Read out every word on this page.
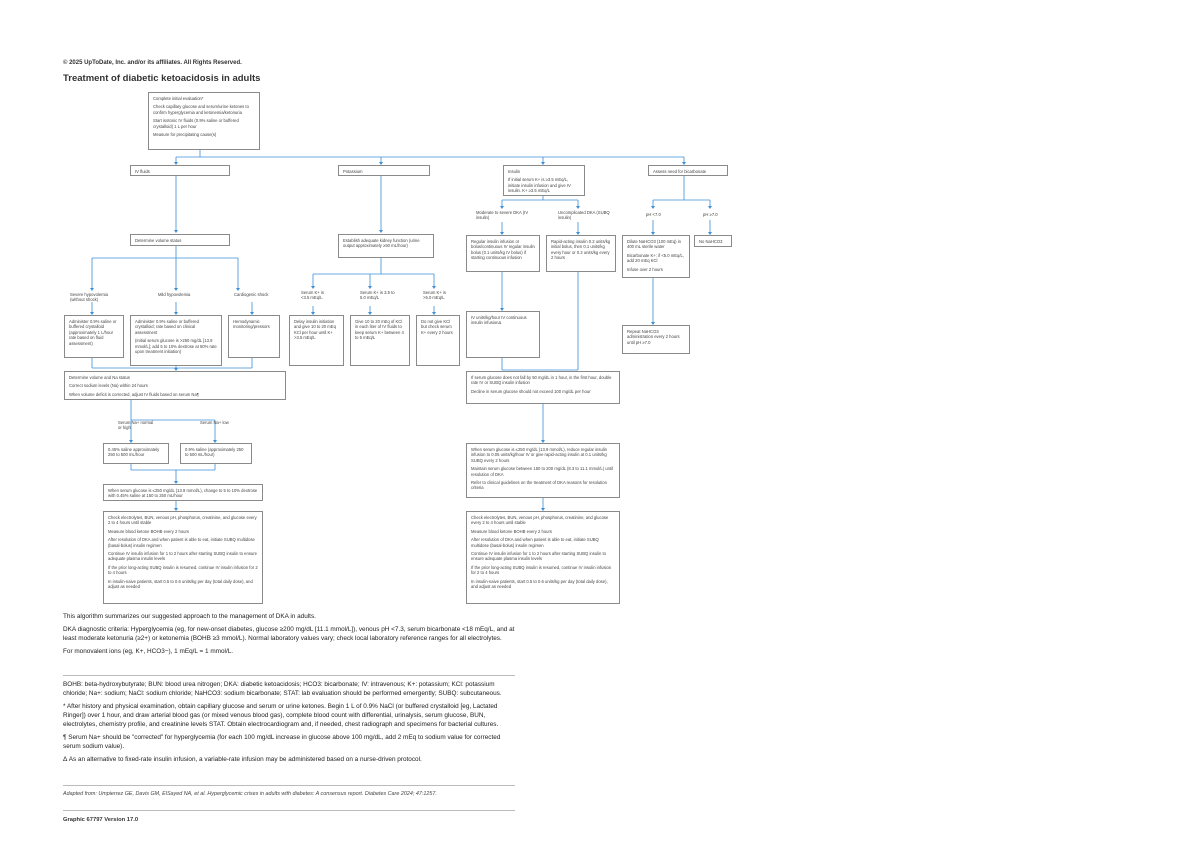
© 2025 UpToDate, Inc. and/or its affiliates. All Rights Reserved.
Treatment of diabetic ketoacidosis in adults

Complete initial evaluation*

Check capillary glucose and serum/urine ketones to confirm hyperglycemia and ketonemia/ketonuria

Start isotonic IV fluids (0.9% saline or buffered crystalloid) 1 L per hour

Measure for precipitating cause(s)

IV fluids	Potassium	Insulin

If initial serum K+ is ≥3.5 mEq/L, initiate insulin infusion and give IV insulin. K+ ≥3.5 mEq/L

Assess need for bicarbonate
Determine volume status
Severe hypovolemia (without shock)
Mild hypovolemia	Cardiogenic shock
Administer 0.9% saline or buffered crystalloid (approximately 1 L/hour rate based on fluid assessment)

Administer 0.9% saline or buffered crystalloid; rate based on clinical assessment

(Initial serum glucose is >250 mg/dL [13.9 mmol/L]; add 5 to 10% dextrose at 50% rate upon treatment initiation)

Hemodynamic monitoring/pressors

Determine volume and Na status

Correct sodium levels (Na) within 24 hours

When volume deficit is corrected, adjust IV fluids based on serum Na¶

Serum Na+ normal or high
Serum Na+ low
0.45% saline approximately 250 to 500 mL/hour
0.9% saline (approximately 250 to 500 mL/hour)
When serum glucose is ≤250 mg/dL (13.9 mmol/L), change to 5 to 10% dextrose with 0.45% saline at 150 to 250 mL/hour

Check electrolytes, BUN, venous pH, phosphorus, creatinine, and glucose every 2 to 4 hours until stable

Measure blood ketone BOHB every 2 hours

After resolution of DKA and when patient is able to eat, initiate SUBQ multidose (basal-bolus) insulin regimen

Continue IV insulin infusion for 1 to 2 hours after starting SUBQ insulin to ensure adequate plasma insulin levels

If the prior long-acting SUBQ insulin is resumed, continue IV insulin infusion for 2 to 4 hours

In insulin-naive patients, start 0.5 to 0.6 units/kg per day (total daily dose), and adjust as needed

Establish adequate kidney function (urine output approximately ≥50 mL/hour)
Serum K+ is <3.5 mEq/L
Serum K+ is 3.5 to 5.0 mEq/L
Serum K+ is >5.0 mEq/L
Delay insulin initiation and give 10 to 20 mEq KCl per hour until K+ >3.5 mEq/L
Give 10 to 20 mEq of KCl in each liter of IV fluids to keep serum K+ between 4 to 5 mEq/L
Do not give KCl but check serum K+ every 2 hours
Moderate to severe DKA (IV insulin)
Uncomplicated DKA (SUBQ insulin)
Regular insulin infusion or bolus/continuous IV regular insulin bolus (0.1 units/kg IV bolus) if starting continuous infusion
Rapid-acting insulin 0.2 units/kg initial bolus, then 0.1 units/kg every hour or 0.2 units/kg every 2 hours
IV units/kg/hour IV continuous insulin infusionΔ

If serum glucose does not fall by 50 mg/dL in 1 hour, in the first hour, double rate IV or SUBQ insulin infusion

Decline in serum glucose should not exceed 100 mg/dL per hour

When serum glucose is ≤250 mg/dL (13.9 mmol/L), reduce regular insulin infusion to 0.05 units/kg/hour IV or give rapid-acting insulin at 0.1 units/kg SUBQ every 2 hours

Maintain serum glucose between 150 to 200 mg/dL (8.3 to 11.1 mmol/L) until resolution of DKA

Refer to clinical guidelines on the treatment of DKA reasons for resolution criteria

Check electrolytes, BUN, venous pH, phosphorus, creatinine, and glucose every 2 to 4 hours until stable

Measure blood ketone BOHB every 2 hours

After resolution of DKA and when patient is able to eat, initiate SUBQ multidose (basal-bolus) insulin regimen

Continue IV insulin infusion for 1 to 2 hours after starting SUBQ insulin to ensure adequate plasma insulin levels

If the prior long-acting SUBQ insulin is resumed, continue IV insulin infusion for 2 to 4 hours

In insulin-naive patients, start 0.5 to 0.6 units/kg per day (total daily dose), and adjust as needed

pH <7.0	pH ≥7.0

Dilute NaHCO3 (100 mEq) in 400 mL sterile water

Bicarbonate K+: if <5.0 mEq/L, add 20 mEq KCl

Infuse over 2 hours

No NaHCO3
Repeat NaHCO3 administration every 2 hours until pH ≥7.0

This algorithm summarizes our suggested approach to the management of DKA in adults.

DKA diagnostic criteria: Hyperglycemia (eg, for new-onset diabetes, glucose ≥200 mg/dL [11.1 mmol/L]), venous pH <7.3, serum bicarbonate <18 mEq/L, and at least moderate ketonuria (≥2+) or ketonemia (BOHB ≥3 mmol/L). Normal laboratory values vary; check local laboratory reference ranges for all electrolytes.

For monovalent ions (eg, K+, HCO3−), 1 mEq/L = 1 mmol/L.

BOHB: beta-hydroxybutyrate; BUN: blood urea nitrogen; DKA: diabetic ketoacidosis; HCO3: bicarbonate; IV: intravenous; K+: potassium; KCl: potassium chloride; Na+: sodium; NaCl: sodium chloride; NaHCO3: sodium bicarbonate; STAT: lab evaluation should be performed emergently; SUBQ: subcutaneous.

* After history and physical examination, obtain capillary glucose and serum or urine ketones. Begin 1 L of 0.9% NaCl (or buffered crystalloid [eg, Lactated Ringer]) over 1 hour, and draw arterial blood gas (or mixed venous blood gas), complete blood count with differential, urinalysis, serum glucose, BUN, electrolytes, chemistry profile, and creatinine levels STAT. Obtain electrocardiogram and, if needed, chest radiograph and specimens for bacterial cultures.

¶ Serum Na+ should be "corrected" for hyperglycemia (for each 100 mg/dL increase in glucose above 100 mg/dL, add 2 mEq to sodium value for corrected serum sodium value).

Δ As an alternative to fixed-rate insulin infusion, a variable-rate infusion may be administered based on a nurse-driven protocol.

Adapted from: Umpierrez GE, Davis GM, ElSayed NA, et al. Hyperglycemic crises in adults with diabetes: A consensus report. Diabetes Care 2024; 47:1257.
Graphic 67797 Version 17.0
